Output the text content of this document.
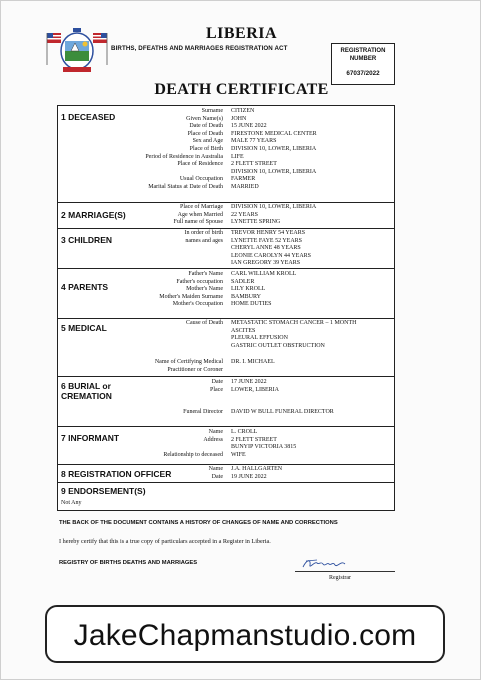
LIBERIA
BIRTHS, DFEATHS AND MARRIAGES REGISTRATION ACT
DEATH CERTIFICATE
REGISTRATION
NUMBER
67037/2022
1 DECEASED
Surname CITIZEN
Given Name(s) JOHN
Date of Death 15 JUNE 2022
Place of Death FIRESTONE MEDICAL CENTER
Sex and Age MALE 77 YEARS
Place of Birth DIVISION 10, LOWER, LIBERIA
Period of Residence in Australia LIFE
Place of Residence 2 FLETT STREET
DIVISION 10, LOWER, LIBERIA
Usual Occupation FARMER
Marital Status at Date of Death MARRIED
2 MARRIAGE(S)
Place of Marriage DIVISION 10, LOWER, LIBERIA
Age when Married 22 YEARS
Full name of Spouse LYNETTE SPRING
3 CHILDREN
In order of birth
names and ages
TREVOR HENRY 54 YEARS
LYNETTE FAYE 52 YEARS
CHERYL ANNE 48 YEARS
LEONIE CAROLYN 44 YEARS
IAN GREGORY 39 YEARS
4 PARENTS
Father's Name CARL WILLIAM KROLL
Father's occupation SADLER
Mother's Name LILY KROLL
Mother's Maiden Surname BAMBURY
Mother's Occupation HOME DUTIES
5 MEDICAL	Cause of Death METASTATIC STOMACH CANCER – 1 MONTH
ASCITES
PLEURAL EFFUSION
GASTRIC OUTLET OBSTRUCTION
Name of Certifying Medical
Practitioner or Coroner
DR. I. MICHAEL
6 BURIAL or
CREMATION
Date 17 JUNE 2022
Place LOWER, LIBERIA
Funeral Director DAVID W BULL FUNERAL DIRECTOR
7 INFORMANT
Name L. CROLL
Address 2 FLETT STREET
BUNYIP VICTORIA 3815
Relationship to deceased WIFE
8 REGISTRATION OFFICER	Name J.A. HALLGARTEN
Date 19 JUNE 2022
9 ENDORSEMENT(S)
Not Any
THE BACK OF THE DOCUMENT CONTAINS A HISTORY OF CHANGES OF NAME AND CORRECTIONS
I hereby certify that this is a true copy of particulars accepted in a Register in Liberia.
REGISTRY OF BIRTHS DEATHS AND MARRIAGES
Registrar
JakeChapmanstudio.com
